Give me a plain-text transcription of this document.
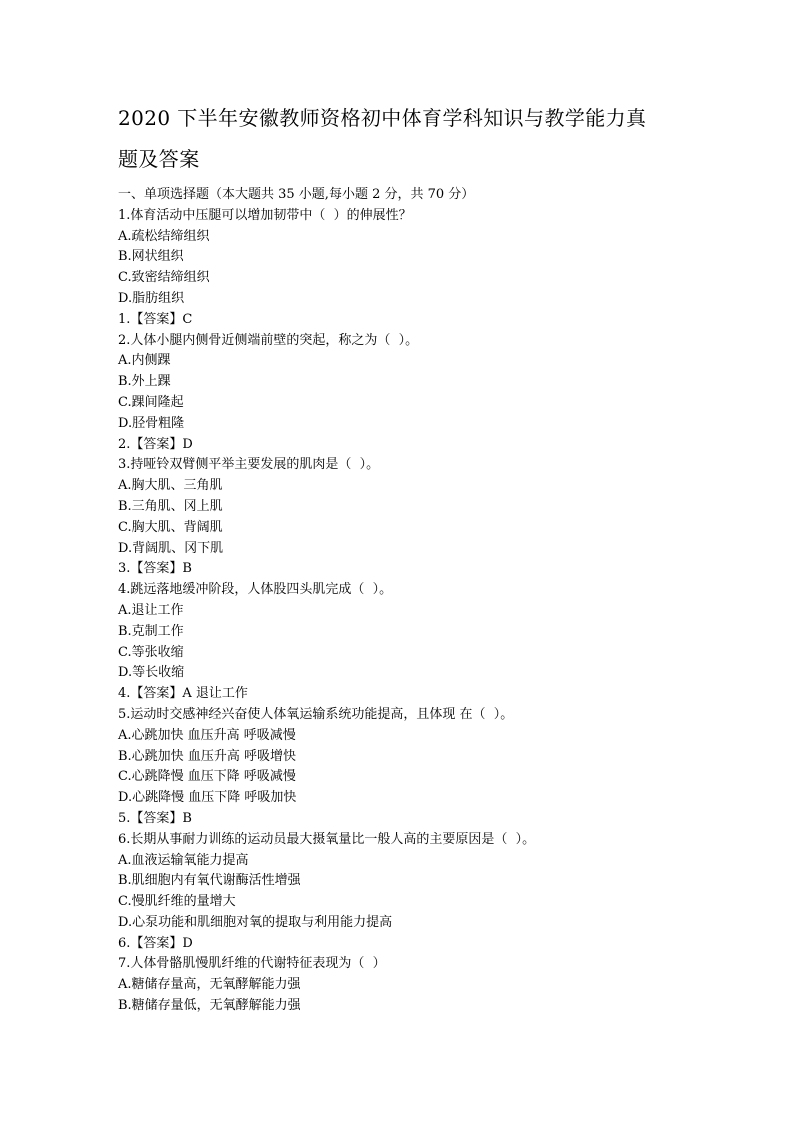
2020 下半年安徽教师资格初中体育学科知识与教学能力真
题及答案
一、单项选择题（本大题共 35 小题,每小题 2 分，共 70 分）
1.体育活动中压腿可以增加韧带中（  ）的伸展性？
A.疏松结缔组织
B.网状组织
C.致密结缔组织
D.脂肪组织
1.【答案】C
2.人体小腿内侧骨近侧端前壁的突起，称之为（  ）。
A.内侧踝
B.外上踝
C.踝间隆起
D.胫骨粗隆
2.【答案】D
3.持哑铃双臂侧平举主要发展的肌肉是（  ）。
A.胸大肌、三角肌
B.三角肌、冈上肌
C.胸大肌、背阔肌
D.背阔肌、冈下肌
3.【答案】B
4.跳远落地缓冲阶段，人体股四头肌完成（  ）。
A.退让工作
B.克制工作
C.等张收缩
D.等长收缩
4.【答案】A 退让工作
5.运动时交感神经兴奋使人体氧运输系统功能提高，且体现 在（  ）。
A.心跳加快 血压升高 呼吸减慢
B.心跳加快 血压升高 呼吸增快
C.心跳降慢 血压下降 呼吸减慢
D.心跳降慢 血压下降 呼吸加快
5.【答案】B
6.长期从事耐力训练的运动员最大摄氧量比一般人高的主要原因是（  ）。
A.血液运输氧能力提高
B.肌细胞内有氧代谢酶活性增强
C.慢肌纤维的量增大
D.心泵功能和肌细胞对氧的提取与利用能力提高
6.【答案】D
7.人体骨骼肌慢肌纤维的代谢特征表现为（  ）
A.糖储存量高，无氧酵解能力强
B.糖储存量低，无氧酵解能力强
